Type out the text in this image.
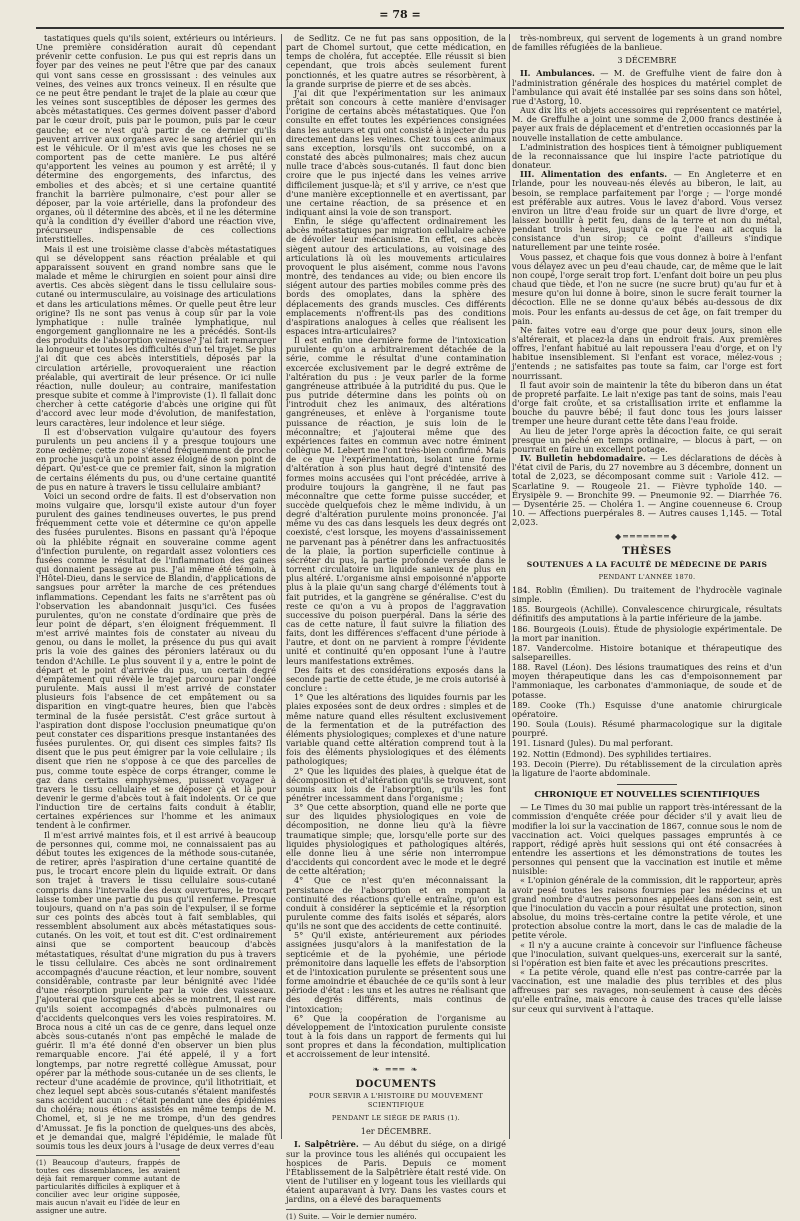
= 78 =

tastatiques quels qu'ils soient, extérieurs ou intérieurs. Une première considération aurait dû cependant prévenir cette confusion. Le pus qui est repris dans un foyer par des veines ne peut l'être que par des canaux qui vont sans cesse en grossissant : des veinules aux veines, des veines aux troncs veineux. Il en résulte que ce ne peut être pendant le trajet de la plaie au cœur que les veines sont susceptibles de déposer les germes des abcès métastatiques. Ces germes doivent passer d'abord par le cœur droit, puis par le poumon, puis par le cœur gauche; et ce n'est qu'à partir de ce dernier qu'ils peuvent arriver aux organes avec le sang artériel qui en est le véhicule. Or il m'est avis que les choses ne se comportent pas de cette manière. Le pus altéré qu'apportent les veines au poumon y est arrêté; il y détermine des engorgements, des infarctus, des embolies et des abcès; et si une certaine quantité franchit la barrière pulmonaire, c'est pour aller se déposer, par la voie artérielle, dans la profondeur des organes, où il détermine des abcès, et il ne les détermine qu'à la condition d'y éveiller d'abord une réaction vive, précurseur indispensable de ces collections interstitielles.

Mais il est une troisième classe d'abcès métastatiques qui se développent sans réaction préalable et qui apparaissent souvent en grand nombre sans que le malade et même le chirurgien en soient pour ainsi dire avertis. Ces abcès siègent dans le tissu cellulaire sous-cutané ou intermusculaire, au voisinage des articulations et dans les articulations mêmes. Or quelle peut être leur origine? Ils ne sont pas venus à coup sûr par la voie lymphatique : nulle traînée lymphatique, nul engorgement ganglionnaire ne les a précédés. Sont-ils des produits de l'absorption veineuse? J'ai fait remarquer la longueur et toutes les difficultés d'un tel trajet. Se plus j'ai dit que ces abcès interstitiels, déposés par la circulation artérielle, provoqueraient une réaction préalable, qui avertirait de leur présence. Or ici nulle réaction, nulle douleur; au contraire, manifestation presque subite et comme à l'improviste (1). Il fallait donc chercher à cette catégorie d'abcès une origine qui fût d'accord avec leur mode d'évolution, de manifestation, leurs caractères, leur indolence et leur siége.

Il est d'observation vulgaire qu'autour des foyers purulents un peu anciens il y a presque toujours une zone œdème; cette zone s'étend fréquemment de proche en proche jusqu'à un point assez éloigné de son point de départ. Qu'est-ce que ce premier fait, sinon la migration de certains éléments du pus, ou d'une certaine quantité de pus en nature à travers le tissu cellulaire ambiant?

Voici un second ordre de faits. Il est d'observation non moins vulgaire que, lorsqu'il existe autour d'un foyer purulent des gaines tendineuses ouvertes, le pus prend fréquemment cette voie et détermine ce qu'on appelle des fusées purulentes. Bisons en passant qu'à l'époque où la phlébite régnait en souveraine comme agent d'infection purulente, on regardait assez volontiers ces fusées comme le résultat de l'inflammation des gaines qui donnaient passage au pus. J'ai même été témoin, à l'Hôtel-Dieu, dans le service de Blandin, d'applications de sangsues pour arrêter la marche de ces prétendues inflammations. Cependant les faits ne s'arrêtent pas où l'observation les abandonnait jusqu'ici. Ces fusées purulentes, qu'on ne constate d'ordinaire que près de leur point de départ, s'en éloignent fréquemment. Il m'est arrivé maintes fois de constater au niveau du genou, ou dans le mollet, la présence du pus qui avait pris la voie des gaines des péroniers latéraux ou du tendon d'Achille. Le plus souvent il y a, entre le point de départ et le point d'arrivée du pus, un certain degré d'empâtement qui révèle le trajet parcouru par l'ondée purulente. Mais aussi il m'est arrivé de constater plusieurs fois l'absence de cet empâtement ou sa disparition en vingt-quatre heures, bien que l'abcès terminal de la fusée persistât. C'est grâce surtout à l'aspiration dont dispose l'occlusion pneumatique qu'on peut constater ces disparitions presque instantanées des fusées purulentes. Or, qui disent ces simples faits? Ils disent que le pus peut émigrer par la voie cellulaire ; ils disent que rien ne s'oppose à ce que des parcelles de pus, comme toute espèce de corps étranger, comme le gaz dans certains emphysèmes, puissent voyager à travers le tissu cellulaire et se déposer çà et là pour devenir le germe d'abcès tout à fait indolents. Or ce que l'induction tire de certains faits conduit à établir, certaines expériences sur l'homme et les animaux tendent à le confirmer.

Il m'est arrivé maintes fois, et il est arrivé à beaucoup de personnes qui, comme moi, ne connaissaient pas au début toutes les exigences de la méthode sous-cutanée, de retirer, après l'aspiration d'une certaine quantité de pus, le trocart encore plein du liquide extrait. Or dans son trajet à travers le tissu cellulaire sous-cutané compris dans l'intervalle des deux ouvertures, le trocart laisse tomber une partie du pus qu'il renferme. Presque toujours, quand on n'a pas soin de l'expulser, il se forme sur ces points des abcès tout à fait semblables, qui ressemblent absolument aux abcès métastatiques sous-cutanés. On les voit, et tout est dit. C'est ordinairement ainsi que se comportent beaucoup d'abcès métastatiques, résultat d'une migration du pus à travers le tissu cellulaire. Ces abcès ne sont ordinairement accompagnés d'aucune réaction, et leur nombre, souvent considérable, contraste par leur bénignité avec l'idée d'une résorption purulente par la voie des vaisseaux. J'ajouterai que lorsque ces abcès se montrent, il est rare qu'ils soient accompagnés d'abcès pulmonaires ou d'accidents quelconques vers les voies respiratoires. M. Broca nous a cité un cas de ce genre, dans lequel onze abcès sous-cutanés n'ont pas empêché le malade de guérir. Il m'a été donné d'en observer un bien plus remarquable encore. J'ai été appelé, il y a fort longtemps, par notre regretté collègue Amussat, pour opérer par la méthode sous-cutanée un de ses clients, le recteur d'une académie de province, qu'il lithotritiait, et chez lequel sept abcès sous-cutanés s'étaient manifestés sans accident aucun : c'était pendant une des épidémies du choléra; nous étions assistés en même temps de M. Chomel, et, si je ne me trompe, d'un des gendres d'Amussat. Je fis la ponction de quelques-uns des abcès, et je demandai que, malgré l'épidémie, le malade fût soumis tous les deux jours à l'usage de deux verres d'eau

(1) Beaucoup d'auteurs, frappés de toutes ces dissemblances, les avaient déjà fait remarquer comme autant de particularités difficiles à expliquer et à concilier avec leur origine supposée, mais aucun n'avait eu l'idée de leur en assigner une autre.

de Sedlitz. Ce ne fut pas sans opposition, de la part de Chomel surtout, que cette médication, en temps de choléra, fut acceptée. Elle réussit si bien cependant, que trois abcès seulement furent ponctionnés, et les quatre autres se résorbèrent, à la grande surprise de pierre et de ses abcès.

J'ai dit que l'expérimentation sur les animaux prêtait son concours à cette manière d'envisager l'origine de certains abcès métastatiques. Que l'on consulte en effet toutes les expériences consignées dans les auteurs et qui ont consisté à injecter du pus directement dans les veines. Chez tous ces animaux sans exception, lorsqu'ils ont succombé, on a constaté des abcès pulmonaires; mais chez aucun nulle trace d'abcès sous-cutanés. Il faut donc bien croire que le pus injecté dans les veines arrive difficilement jusque-là; et s'il y arrive, ce n'est que d'une manière exceptionnelle et en avertissant, par une certaine réaction, de sa présence et en indiquant ainsi la voie de son transport.

Enfin, le siége qu'affectent ordinairement les abcès métastatiques par migration cellulaire achève de dévoiler leur mécanisme. En effet, ces abcès siègent autour des articulations, au voisinage des articulations là où les mouvements articulaires provoquent le plus aisément, comme nous l'avons montré, des tendances au vide; ou bien encore ils siégent autour des parties mobiles comme près des bords des omoplates, dans la sphère des déplacements des grands muscles. Ces différents emplacements n'offrent-ils pas des conditions d'aspirations analogues à celles que réalisent les espaces intra-articulaires?

Il est enfin une dernière forme de l'intoxication purulente qu'on a arbitrairement détachée de la série, comme le résultat d'une contamination excercée exclusivement par le degré extrême de l'altération du pus : je veux parler de la forme gangréneuse attribuée à la putridité du pus. Que le pus putride détermine dans les points où on l'introduit chez les animaux, des altérations gangréneuses, et enlève à l'organisme toute puissance de réaction, je suis loin de le méconnaître; et j'ajouterai même que des expériences faites en commun avec notre éminent collègue M. Lebert me l'ont très-bien confirmé. Mais de ce que l'expérimentation, isolant une forme d'altération à son plus haut degré d'intensité des formes moins accusées qui l'ont précédée, arrive à produire toujours la gangrène, il ne faut pas méconnaître que cette forme puisse succéder, et succède quelquefois chez le même individu, à un degré d'altération purulente moins prononcée. J'ai même vu des cas dans lesquels les deux degrés ont coexisté, c'est lorsque, les moyens d'assainissement ne parvenant pas à pénétrer dans les anfractuosités de la plaie, la portion superficielle continue à sécréter du pus, la partie profonde versée dans le torrent circulatoire un liquide sanieux de plus en plus altéré. L'organisme ainsi empoisonné n'apporte plus à la plaie qu'un sang chargé d'éléments tout à fait putrides, et la gangrène se généralise. C'est du reste ce qu'on a vu à propos de l'aggravation successive du poison puerpéral. Dans la série des cas de cette nature, il faut suivre la filiation des faits, dont les différences s'effacent d'une période à l'autre, et dont on ne parvient à rompre l'évidente unité et continuité qu'en opposant l'une à l'autre leurs manifestations extrêmes.

Des faits et des considérations exposés dans la seconde partie de cette étude, je me crois autorisé à conclure :

1° Que les altérations des liquides fournis par les plaies exposées sont de deux ordres : simples et de même nature quand elles résultent exclusivement de la fermentation et de la putréfaction des éléments physiologiques; complexes et d'une nature variable quand cette altération comprend tout à la fois des éléments physiologiques et des éléments pathologiques;

2° Que les liquides des plaies, à quelque état de décomposition et d'altération qu'ils se trouvent, sont soumis aux lois de l'absorption, qu'ils les font pénétrer incessamment dans l'organisme ;

3° Que cette absorption, quand elle ne porte que sur des liquides physiologiques en voie de décomposition, ne donne lieu qu'à la fièvre traumatique simple; que, lorsqu'elle porte sur des liquides physiologiques et pathologiques altérés, elle donne lieu à une série non interrompue d'accidents qui concordent avec le mode et le degré de cette altération;

4° Que ce n'est qu'en méconnaissant la persistance de l'absorption et en rompant la continuité des réactions qu'elle entraîne, qu'on est conduit à considérer la septicémie et la résorption purulente comme des faits isolés et séparés, alors qu'ils ne sont que des accidents de cette continuité.

5° Qu'il existe, antérieurement aux périodes assignées jusqu'alors à la manifestation de la septicémie et de la pyohémie, une période prémonitoire dans laquelle les effets de l'absorption et de l'intoxication purulente se présentent sous une forme amoindrie et ébauchée de ce qu'ils sont à leur période d'état : les uns et les autres ne réalisant que des degrés différents, mais continus de l'intoxication;

6° Que la coopération de l'organisme au développement de l'intoxication purulente consiste tout à la fois dans un rapport de ferments qui lui sont propres et dans la fécondation, multiplication et accroissement de leur intensité.

❧ ═══ ❧
DOCUMENTS
POUR SERVIR A L'HISTOIRE DU MOUVEMENT SCIENTIFIQUE
PENDANT LE SIÉGE DE PARIS (1).
1er DÉCEMBRE.

I. Salpêtrière. — Au début du siége, on a dirigé sur la province tous les aliénés qui occupaient les hospices de Paris. Depuis ce moment l'Établissement de la Salpêtrière était resté vide. On vient de l'utiliser en y logeant tous les vieillards qui étaient auparavant à Ivry. Dans les vastes cours et jardins, on a élevé des baraquements

(1) Suite. — Voir le dernier numéro.

très-nombreux, qui servent de logements à un grand nombre de familles réfugiées de la banlieue.

3 DÉCEMBRE

II. Ambulances. — M. de Greffulhe vient de faire don à l'administration générale des hospices du matériel complet de l'ambulance qui avait été installée par ses soins dans son hôtel, rue d'Astorg, 10.

Aux dix lits et objets accessoires qui représentent ce matériel, M. de Greffulhe a joint une somme de 2,000 francs destinée à payer aux frais de déplacement et d'entretien occasionnés par la nouvelle installation de cette ambulance.

L'administration des hospices tient à témoigner publiquement de la reconnaissance que lui inspire l'acte patriotique du donateur.

III. Alimentation des enfants. — En Angleterre et en Irlande, pour les nouveau-nés élevés au biberon, le lait, au besoin, se remplace parfaitement par l'orge ; — l'orge mondé est préférable aux autres. Vous le lavez d'abord. Vous versez environ un litre d'eau froide sur un quart de livre d'orge, et laissez bouillir à petit feu, dans de la terre et non du métal, pendant trois heures, jusqu'à ce que l'eau ait acquis la consistance d'un sirop; ce point d'ailleurs s'indique naturellement par une teinte rosée.

Vous passez, et chaque fois que vous donnez à boire à l'enfant vous délayez avec un peu d'eau chaude, car, de même que le lait non coupé, l'orge serait trop fort. L'enfant doit boire un peu plus chaud que tiède, et l'on ne sucre (ne sucre brut) qu'au fur et à mesure qu'on lui donne à boire, sinon le sucre ferait tourner la décoction. Elle ne se donne qu'aux bébés au-dessous de dix mois. Pour les enfants au-dessus de cet âge, on fait tremper du pain.

Ne faites votre eau d'orge que pour deux jours, sinon elle s'altérerait, et placez-la dans un endroit frais. Aux premières offres, l'enfant habitué au lait repoussera l'eau d'orge, et on l'y habitue insensiblement. Si l'enfant est vorace, mélez-vous ; j'entends ; ne satisfaites pas toute sa faim, car l'orge est fort nourrissant.

Il faut avoir soin de maintenir la tête du biberon dans un état de propreté parfaite. Le lait n'exige pas tant de soins, mais l'eau d'orge fait croûte, et sa cristallisation irrite et enflamme la bouche du pauvre bébé; il faut donc tous les jours laisser tremper une heure durant cette tête dans l'eau froide.

Au lieu de jeter l'orge après la décoction faite, ce qui serait presque un péché en temps ordinaire, — blocus à part, — on pourrait en faire un excellent potage.

IV. Bulletin hebdomadaire. — Les déclarations de décès à l'état civil de Paris, du 27 novembre au 3 décembre, donnent un total de 2,023, se décomposant comme suit : Variole 412. — Scarlatine 9. — Rougeole 21. — Fièvre typhoïde 140. — Érysipèle 9. — Bronchite 99. — Pneumonie 92. — Diarrhée 76. — Dysentérie 25. — Choléra 1. — Angine couenneuse 6. Croup 10. — Affections puerpérales 8. — Autres causes 1,145. — Total 2,023.

◆═══════◆
THÈSES
SOUTENUES A LA FACULTÉ DE MÉDECINE DE PARIS
PENDANT L'ANNÉE 1870.

184. Roblin (Émilien). Du traitement de l'hydrocèle vaginale simple.

185. Bourgeois (Achille). Convalescence chirurgicale, résultats définitifs des amputations à la partie inférieure de la jambe.

186. Bourgeois (Louis). Étude de physiologie expérimentale. De la mort par inanition.

187. Vandercolme. Histoire botanique et thérapeutique des salsepareilles.

188. Ravel (Léon). Des lésions traumatiques des reins et d'un moyen thérapeutique dans les cas d'empoisonnement par l'ammoniaque, les carbonates d'ammoniaque, de soude et de potasse.

189. Cooke (Th.) Esquisse d'une anatomie chirurgicale opératoire.

190. Soula (Louis). Résumé pharmacologique sur la digitale pourpré.

191. Lisnard (Jules). Du mal perforant.

192. Nottin (Edmond). Des syphilides tertiaires.

193. Decoin (Pierre). Du rétablissement de la circulation après la ligature de l'aorte abdominale.

CHRONIQUE ET NOUVELLES SCIENTIFIQUES

— Le Times du 30 mai publie un rapport très-intéressant de la commission d'enquête créée pour décider s'il y avait lieu de modifier la loi sur la vaccination de 1867, connue sous le nom de vaccination act. Voici quelques passages empruntés à ce rapport, rédigé après huit sessions qui ont été consacrées à entendre les assertions et les démonstrations de toutes les personnes qui pensent que la vaccination est inutile et même nuisible:

« L'opinion générale de la commission, dit le rapporteur, après avoir pesé toutes les raisons fournies par les médecins et un grand nombre d'autres personnes appelées dans son sein, est que l'inoculation du vaccin a pour résultat une protection, sinon absolue, du moins très-certaine contre la petite vérole, et une protection absolue contre la mort, dans le cas de maladie de la petite vérole.

« Il n'y a aucune crainte à concevoir sur l'influence fâcheuse que l'inoculation, suivant quelques-uns, exercerait sur la santé, si l'opération est bien faite et avec les précautions prescrites.

« La petite vérole, quand elle n'est pas contre-carrée par la vaccination, est une maladie des plus terribles et des plus affreuses par ses ravages, non-seulement à cause des décès qu'elle entraîne, mais encore à cause des traces qu'elle laisse sur ceux qui survivent à l'attaque.
